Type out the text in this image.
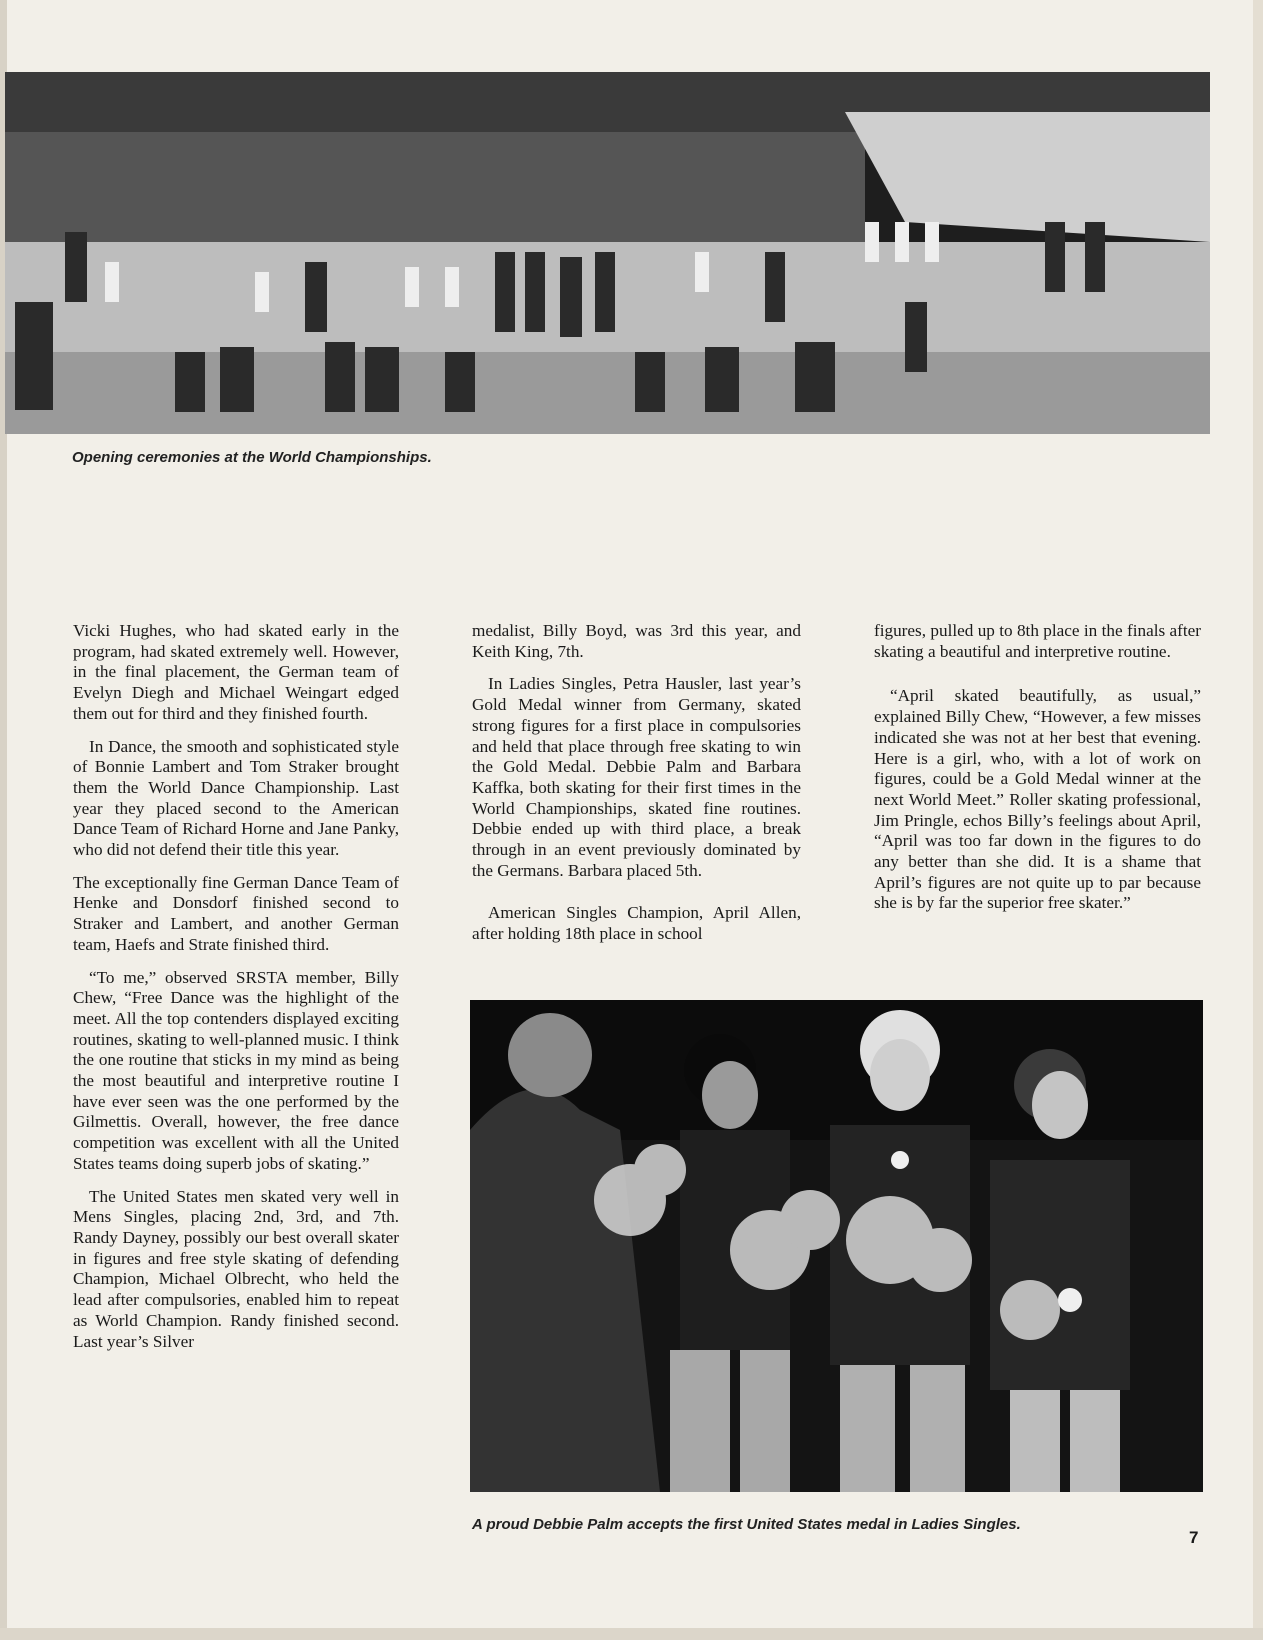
Opening ceremonies at the World Championships.

Vicki Hughes, who had skated early in the program, had skated extremely well. However, in the final placement, the German team of Evelyn Diegh and Michael Weingart edged them out for third and they finished fourth.

In Dance, the smooth and sophisticated style of Bonnie Lambert and Tom Straker brought them the World Dance Championship. Last year they placed second to the American Dance Team of Richard Horne and Jane Panky, who did not defend their title this year.

The exceptionally fine German Dance Team of Henke and Donsdorf finished second to Straker and Lambert, and another German team, Haefs and Strate finished third.

“To me,” observed SRSTA member, Billy Chew, “Free Dance was the highlight of the meet. All the top contenders displayed exciting routines, skating to well-planned music. I think the one routine that sticks in my mind as being the most beautiful and interpretive routine I have ever seen was the one performed by the Gilmettis. Overall, however, the free dance competition was excellent with all the United States teams doing superb jobs of skating.”

The United States men skated very well in Mens Singles, placing 2nd, 3rd, and 7th. Randy Dayney, possibly our best overall skater in figures and free style skating of defending Champion, Michael Olbrecht, who held the lead after compulsories, enabled him to repeat as World Champion. Randy finished second. Last year’s Silver

medalist, Billy Boyd, was 3rd this year, and Keith King, 7th.

In Ladies Singles, Petra Hausler, last year’s Gold Medal winner from Germany, skated strong figures for a first place in compulsories and held that place through free skating to win the Gold Medal. Debbie Palm and Barbara Kaffka, both skating for their first times in the World Championships, skated fine routines. Debbie ended up with third place, a break through in an event previously dominated by the Germans. Barbara placed 5th.

American Singles Champion, April Allen, after holding 18th place in school

figures, pulled up to 8th place in the finals after skating a beautiful and interpretive routine.

“April skated beautifully, as usual,” explained Billy Chew, “However, a few misses indicated she was not at her best that evening. Here is a girl, who, with a lot of work on figures, could be a Gold Medal winner at the next World Meet.” Roller skating professional, Jim Pringle, echos Billy’s feelings about April, “April was too far down in the figures to do any better than she did. It is a shame that April’s figures are not quite up to par because she is by far the superior free skater.”

A proud Debbie Palm accepts the first United States medal in Ladies Singles.
7
